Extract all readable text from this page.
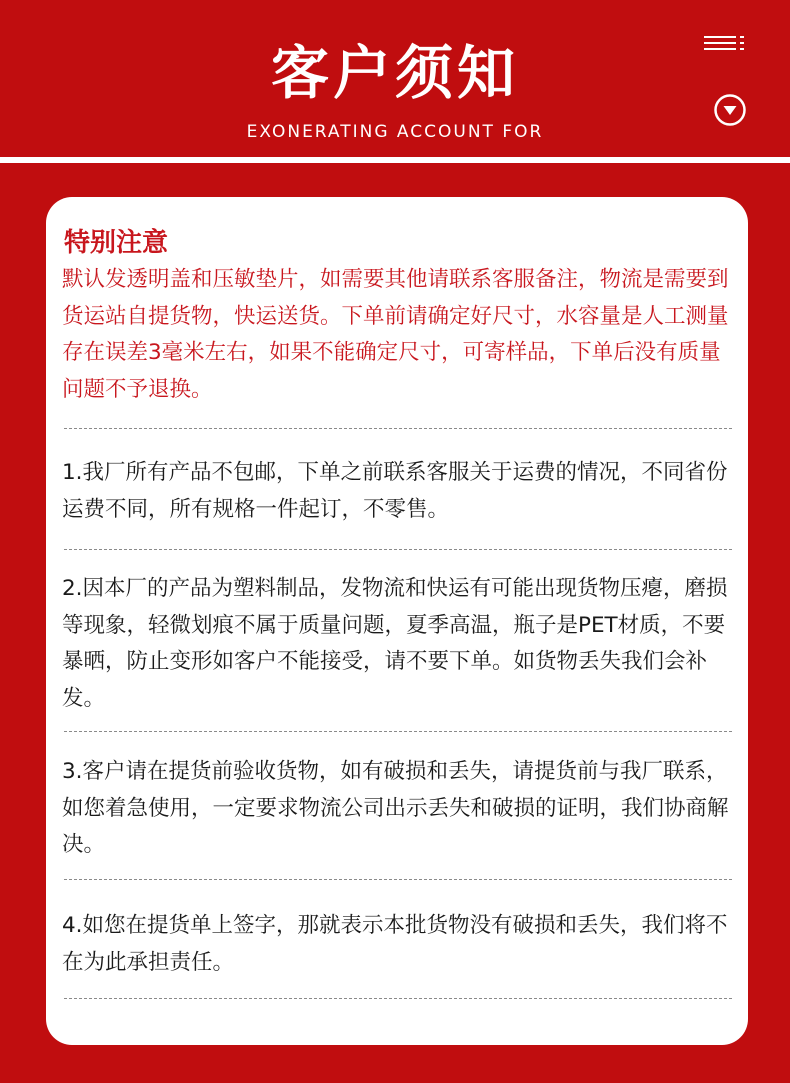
客户须知
EXONERATING ACCOUNT FOR
特别注意
默认发透明盖和压敏垫片，如需要其他请联系客服备注，物流是需要到货运站自提货物，快运送货。下单前请确定好尺寸，水容量是人工测量存在误差3毫米左右，如果不能确定尺寸，可寄样品，下单后没有质量问题不予退换。
1.我厂所有产品不包邮，下单之前联系客服关于运费的情况，不同省份运费不同，所有规格一件起订，不零售。
2.因本厂的产品为塑料制品，发物流和快运有可能出现货物压瘪，磨损等现象，轻微划痕不属于质量问题，夏季高温，瓶子是PET材质，不要暴晒，防止变形如客户不能接受，请不要下单。如货物丢失我们会补发。
3.客户请在提货前验收货物，如有破损和丢失，请提货前与我厂联系，如您着急使用，一定要求物流公司出示丢失和破损的证明，我们协商解决。
4.如您在提货单上签字，那就表示本批货物没有破损和丢失，我们将不在为此承担责任。
